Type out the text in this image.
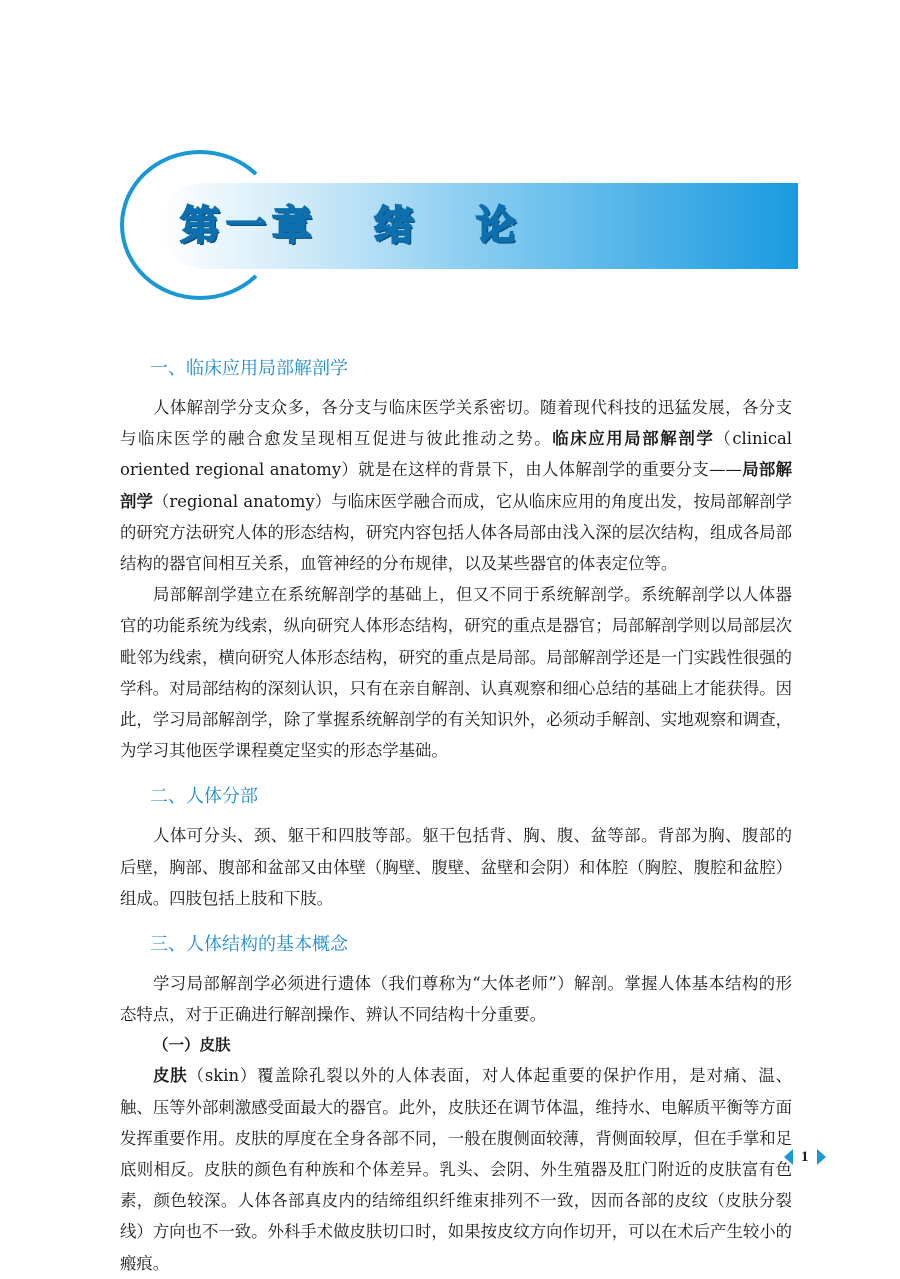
第一章 绪 论
一、临床应用局部解剖学

人体解剖学分支众多，各分支与临床医学关系密切。随着现代科技的迅猛发展，各分支与临床医学的融合愈发呈现相互促进与彼此推动之势。临床应用局部解剖学（clinical oriented regional anatomy）就是在这样的背景下，由人体解剖学的重要分支——局部解剖学（regional anatomy）与临床医学融合而成，它从临床应用的角度出发，按局部解剖学的研究方法研究人体的形态结构，研究内容包括人体各局部由浅入深的层次结构，组成各局部结构的器官间相互关系，血管神经的分布规律，以及某些器官的体表定位等。

局部解剖学建立在系统解剖学的基础上，但又不同于系统解剖学。系统解剖学以人体器官的功能系统为线索，纵向研究人体形态结构，研究的重点是器官；局部解剖学则以局部层次毗邻为线索，横向研究人体形态结构，研究的重点是局部。局部解剖学还是一门实践性很强的学科。对局部结构的深刻认识，只有在亲自解剖、认真观察和细心总结的基础上才能获得。因此，学习局部解剖学，除了掌握系统解剖学的有关知识外，必须动手解剖、实地观察和调查，为学习其他医学课程奠定坚实的形态学基础。

二、人体分部

人体可分头、颈、躯干和四肢等部。躯干包括背、胸、腹、盆等部。背部为胸、腹部的后壁，胸部、腹部和盆部又由体壁（胸壁、腹壁、盆壁和会阴）和体腔（胸腔、腹腔和盆腔）组成。四肢包括上肢和下肢。

三、人体结构的基本概念

学习局部解剖学必须进行遗体（我们尊称为“大体老师”）解剖。掌握人体基本结构的形态特点，对于正确进行解剖操作、辨认不同结构十分重要。

（一）皮肤

皮肤（skin）覆盖除孔裂以外的人体表面，对人体起重要的保护作用，是对痛、温、触、压等外部刺激感受面最大的器官。此外，皮肤还在调节体温，维持水、电解质平衡等方面发挥重要作用。皮肤的厚度在全身各部不同，一般在腹侧面较薄，背侧面较厚，但在手掌和足底则相反。皮肤的颜色有种族和个体差异。乳头、会阴、外生殖器及肛门附近的皮肤富有色素，颜色较深。人体各部真皮内的结缔组织纤维束排列不一致，因而各部的皮纹（皮肤分裂线）方向也不一致。外科手术做皮肤切口时，如果按皮纹方向作切开，可以在术后产生较小的瘢痕。

1
